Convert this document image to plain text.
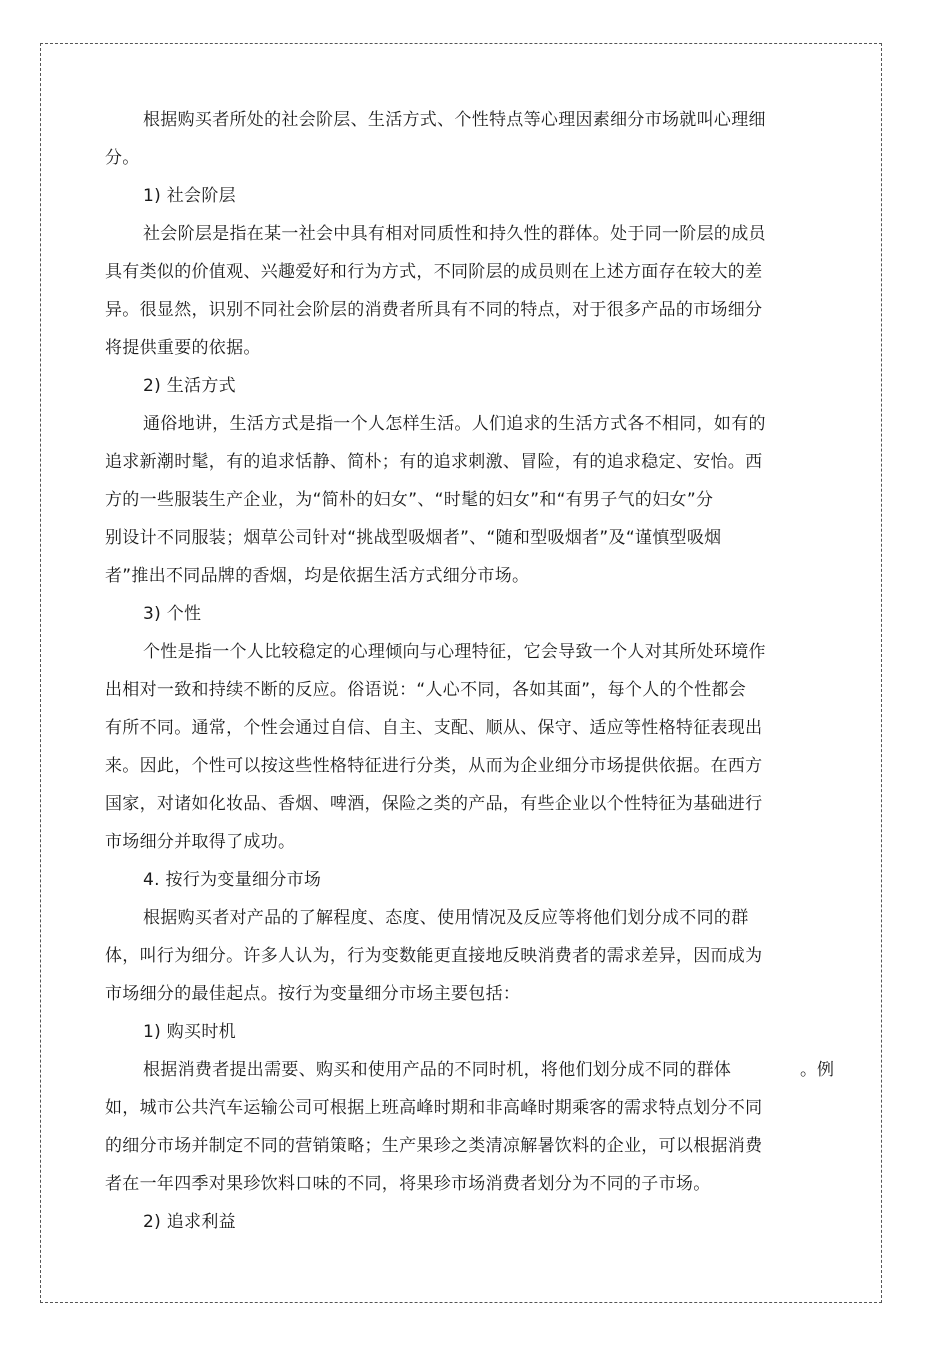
根据购买者所处的社会阶层、生活方式、个性特点等心理因素细分市场就叫心理细
分。
1) 社会阶层
社会阶层是指在某一社会中具有相对同质性和持久性的群体。处于同一阶层的成员
具有类似的价值观、兴趣爱好和行为方式，不同阶层的成员则在上述方面存在较大的差
异。很显然，识别不同社会阶层的消费者所具有不同的特点，对于很多产品的市场细分
将提供重要的依据。
2) 生活方式
通俗地讲，生活方式是指一个人怎样生活。人们追求的生活方式各不相同，如有的
追求新潮时髦，有的追求恬静、简朴；有的追求刺激、冒险，有的追求稳定、安怡。西
方的一些服装生产企业，为“简朴的妇女”、“时髦的妇女”和“有男子气的妇女”分
别设计不同服装；烟草公司针对“挑战型吸烟者”、“随和型吸烟者”及“谨慎型吸烟
者”推出不同品牌的香烟，均是依据生活方式细分市场。
3) 个性
个性是指一个人比较稳定的心理倾向与心理特征，它会导致一个人对其所处环境作
出相对一致和持续不断的反应。俗语说：“人心不同，各如其面”，每个人的个性都会
有所不同。通常，个性会通过自信、自主、支配、顺从、保守、适应等性格特征表现出
来。因此，个性可以按这些性格特征进行分类，从而为企业细分市场提供依据。在西方
国家，对诸如化妆品、香烟、啤酒，保险之类的产品，有些企业以个性特征为基础进行
市场细分并取得了成功。
4. 按行为变量细分市场
根据购买者对产品的了解程度、态度、使用情况及反应等将他们划分成不同的群
体，叫行为细分。许多人认为，行为变数能更直接地反映消费者的需求差异，因而成为
市场细分的最佳起点。按行为变量细分市场主要包括：
1) 购买时机
根据消费者提出需要、购买和使用产品的不同时机，将他们划分成不同的群体	。例
如，城市公共汽车运输公司可根据上班高峰时期和非高峰时期乘客的需求特点划分不同
的细分市场并制定不同的营销策略；生产果珍之类清凉解暑饮料的企业，可以根据消费
者在一年四季对果珍饮料口味的不同，将果珍市场消费者划分为不同的子市场。
2) 追求利益
